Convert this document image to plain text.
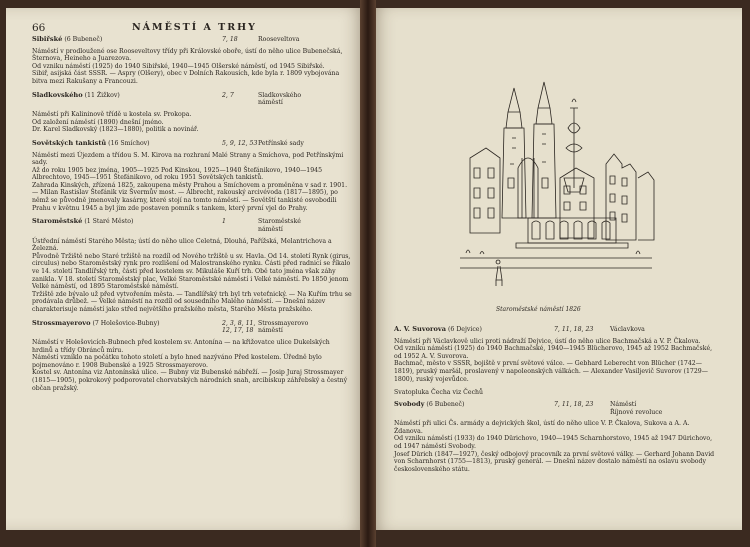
66	NÁMĚSTÍ A TRHY
Sibiřské (6 Bubeneč)	7, 18	Rooseveltova

Náměstí v prodloužené ose Rooseveltovy třídy při Královské oboře, ústí do něho ulice Bubenečská, Šternova, Heineho a Juarezova.

Od vzniku náměstí (1925) do 1940 Sibiřské, 1940—1945 Olšerské náměstí, od 1945 Sibiřské.

Sibiř, asijská část SSSR. — Aspry (Olšery), obec v Dolních Rakousích, kde byla r. 1809 vybojována bitva mezi Rakušany a Francouzi.

Sladkovského (11 Žižkov)	2, 7	Sladkovského
náměstí

Náměstí při Kalininově třídě u kostela sv. Prokopa.

Od založení náměstí (1890) dnešní jméno.

Dr. Karel Sladkovský (1823—1880), politik a novinář.

Sovětských tankistů (16 Smíchov)	5, 9, 12, 53 Petřínské sady

Náměstí mezi Újezdem a třídou S. M. Kirova na rozhraní Malé Strany a Smíchova, pod Petřínskými sady.

Až do roku 1905 bez jména, 1905—1925 Pod Kinskou, 1925—1940 Štefánikovo, 1940—1945 Albrechtovo, 1945—1951 Štefánikovo, od roku 1951 Sovětských tankistů.

Zahrada Kinských, zřízená 1825, zakoupena městy Prahou a Smíchovem a proměněna v sad r. 1901. — Milan Rastislav Štefánik viz Švermův most. — Albrecht, rakouský arcivévoda (1817—1895), po němž se původně jmenovaly kasárny, které stojí na tomto náměstí. — Sovětští tankisté osvobodili Prahu v květnu 1945 a byl jim zde postaven pomník s tankem, který první vjel do Prahy.

Staroměstské (1 Staré Město)	1	Staroměstské
náměstí

Ústřední náměstí Starého Města; ústí do něho ulice Celetná, Dlouhá, Pařížská, Melantrichova a Železná.

Původně Tržiště nebo Staré tržiště na rozdíl od Nového tržiště u sv. Havla. Od 14. století Rynk (girus, circulus) nebo Staroměstský rynk pro rozlišení od Malostranského rynku. Části před radnicí se říkalo ve 14. století Tandlířský trh, části před kostelem sv. Mikuláše Kuří trh. Obě tato jména však záhy zanikla. V 18. století Staroměstský plac, Velké Staroměstské náměstí i Velké náměstí. Po 1850 jenom Velké náměstí, od 1895 Staroměstské náměstí.

Tržiště zde bývalo už před vytvořením města. — Tandlířský trh byl trh veteťnický. — Na Kuřím trhu se prodávala drůbež. — Velké náměstí na rozdíl od sousedního Malého náměstí. — Dnešní název charakterisuje náměstí jako střed největšího pražského města, Starého Města pražského.

Strossmayerovo (7 Holešovice-Bubny)	2, 3, 8, 11, 12, 17, 18
Strossmayerovo
náměstí

Náměstí v Holešovicích-Bubnech před kostelem sv. Antonína — na křižovatce ulice Dukelských hrdinů a třídy Obránců míru.

Náměstí vzniklo na počátku tohoto století a bylo hned nazýváno Před kostelem. Úředně bylo pojmenováno r. 1908 Bubenské a 1925 Strossmayerovo.

Kostel sv. Antonína viz Antonínská ulice. — Bubny viz Bubenské nábřeží. — Josip Juraj Strossmayer (1815—1905), pokrokový podporovatel chorvatských národních snah, arcibiskup záhřebský a čestný občan pražský.

Staroměstské náměstí 1826
A. V. Suvorova (6 Dejvice)	7, 11, 18, 23	Václavkova

Náměstí při Václavkově ulici proti nádraží Dejvice, ústí do něho ulice Bachmačská a V. P. Čkalova.

Od vzniku náměstí (1925) do 1940 Bachmačské, 1940—1945 Blücherovo, 1945 až 1952 Bachmačské, od 1952 A. V. Suvorova.

Bachmač, město v SSSR, bojiště v první světové válce. — Gebhard Leberecht von Blücher (1742—1819), pruský maršál, proslavený v napoleonských válkách. — Alexander Vasiljevič Suvorov (1729—1800), ruský vojevůdce.

Svatopluka Čecha viz Čechů
Svobody (6 Bubeneč)	7, 11, 18, 23	Náměstí
Říjnové revoluce

Náměstí při ulici Čs. armády a dejvických škol, ústí do něho ulice V. P. Čkalova, Sukova a A. A. Ždanova.

Od vzniku náměstí (1933) do 1940 Dürichovo, 1940—1945 Scharnhorstovo, 1945 až 1947 Dürichovo, od 1947 náměstí Svobody.

Josef Dürich (1847—1927), český odbojový pracovník za první světové války. — Gerhard Johann David von Scharnhorst (1755—1813), pruský generál. — Dnešní název dostalo náměstí na oslavu svobody československého státu.
